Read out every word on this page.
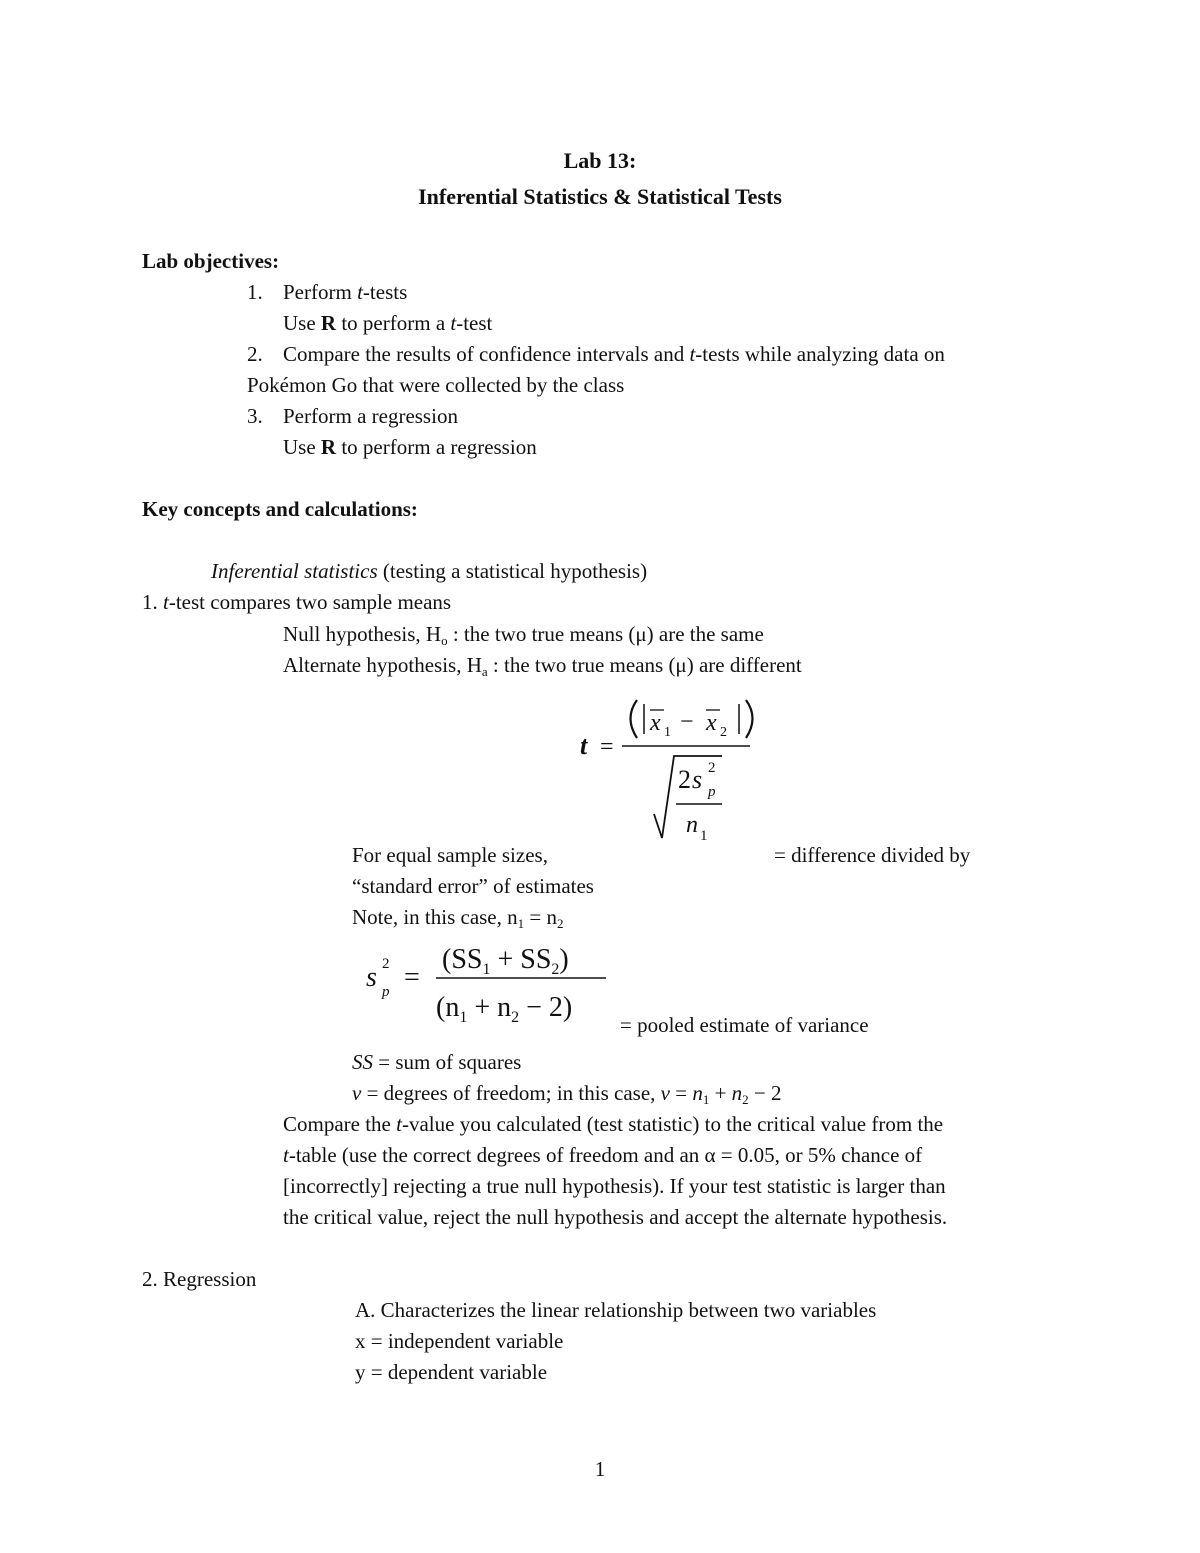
Lab 13:
Inferential Statistics & Statistical Tests
Lab objectives:
1. Perform t-tests
Use R to perform a t-test
2. Compare the results of confidence intervals and t-tests while analyzing data on
Pokémon Go that were collected by the class
3. Perform a regression
Use R to perform a regression
Key concepts and calculations:
Inferential statistics (testing a statistical hypothesis)
1. t-test compares two sample means
Null hypothesis, $H_o$ : the two true means (μ) are the same
Alternate hypothesis, $H_a$ : the two true means (μ) are different
t =
x 1 − x 2
2 s 2
p
n 1
For equal sample sizes,	= difference divided by
“standard error” of estimates
Note, in this case, $n_1 = n_2$
s 2
p =
$(SS_1 + SS_2)$
$(n_1 + n_2 - 2)$
= pooled estimate of variance
SS = sum of squares
v = degrees of freedom; in this case, $v = n_1 + n_2 - 2$
Compare the t-value you calculated (test statistic) to the critical value from the
t-table (use the correct degrees of freedom and an α = 0.05, or 5% chance of
[incorrectly] rejecting a true null hypothesis). If your test statistic is larger than
the critical value, reject the null hypothesis and accept the alternate hypothesis.
2. Regression
A. Characterizes the linear relationship between two variables
x = independent variable
y = dependent variable
1
